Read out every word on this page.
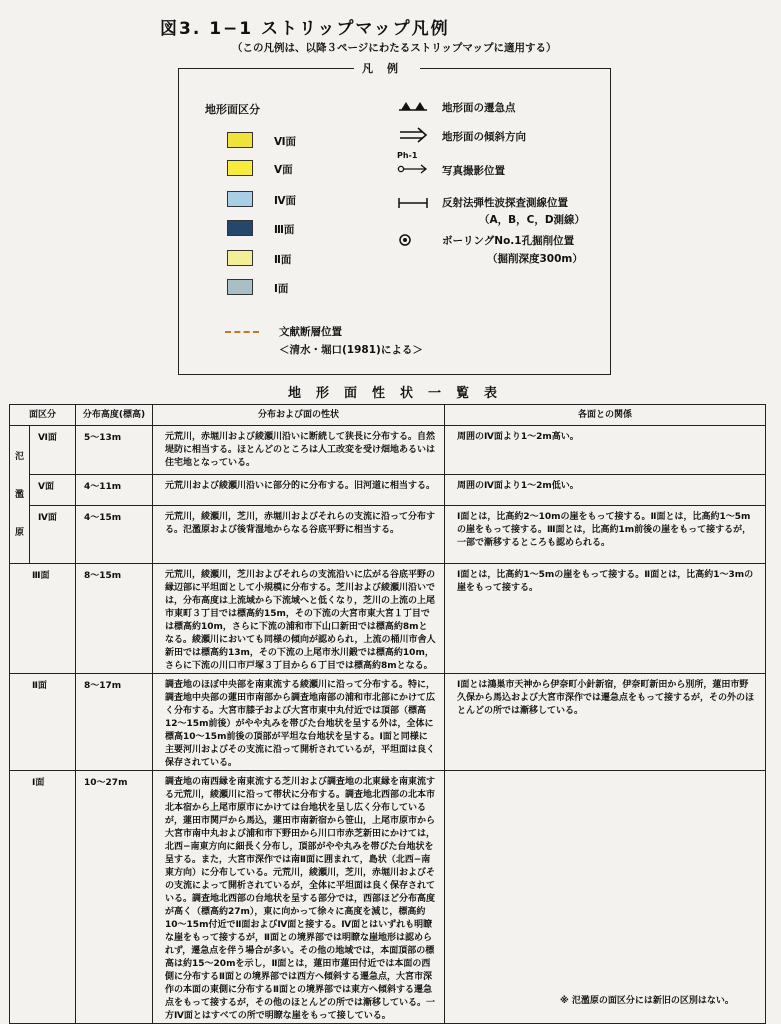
図3. 1−1 ストリップマップ凡例
（この凡例は、以降３ページにわたるストリップマップに適用する）
凡例
地形面区分
Ⅵ面
Ⅴ面
Ⅳ面
Ⅲ面
Ⅱ面
Ⅰ面
地形面の遷急点
地形面の傾斜方向
Ph-1
写真撮影位置
反射法弾性波探査測線位置
（A，B，C，D測線）
ボーリングNo.1孔掘削位置
（掘削深度300m）
文献断層位置
＜清水・堀口(1981)による＞
地形面性状一覧表
面区分		分布高度(標高)	分布および面の性状	各面との関係

氾
濫
原	Ⅵ面	5〜13m	元荒川，赤堀川および綾瀬川沿いに断続して狭長に分布する。自然堤防に相当する。ほとんどのところは人工改変を受け畑地あるいは住宅地となっている。	周囲のⅣ面より1〜2m高い。
	Ⅴ面	4〜11m	元荒川および綾瀬川沿いに部分的に分布する。旧河道に相当する。	周囲のⅣ面より1〜2m低い。
	Ⅳ面	4〜15m	元荒川，綾瀬川，芝川，赤堀川およびそれらの支流に沿って分布する。氾濫原および後背湿地からなる谷底平野に相当する。	Ⅰ面とは，比高約2〜10mの崖をもって接する。Ⅱ面とは，比高約1〜5mの崖をもって接する。Ⅲ面とは，比高約1m前後の崖をもって接するが，一部で漸移するところも認められる。
Ⅲ面		8〜15m	元荒川，綾瀬川，芝川およびそれらの支流沿いに広がる谷底平野の縁辺部に平坦面として小規模に分布する。芝川および綾瀬川沿いでは，分布高度は上流域から下流域へと低くなり，芝川の上流の上尾市東町３丁目では標高約15m，その下流の大宮市東大宮１丁目では標高約10m，さらに下流の浦和市下山口新田では標高約8mとなる。綾瀬川においても同様の傾向が認められ，上流の桶川市舎人新田では標高約13m，その下流の上尾市氷川鍛では標高約10m，さらに下流の川口市戸塚３丁目から６丁目では標高約8mとなる。	Ⅰ面とは，比高約1〜5mの崖をもって接する。Ⅱ面とは，比高約1〜3mの崖をもって接する。
Ⅱ面		8〜17m	調査地のほぼ中央部を南東流する綾瀬川に沿って分布する。特に，調査地中央部の蓮田市南部から調査地南部の浦和市北部にかけて広く分布する。大宮市膝子および大宮市東中丸付近では頂部（標高12〜15m前後）がやや丸みを帯びた台地状を呈する外は，全体に標高10〜15m前後の頂部が平坦な台地状を呈する。Ⅰ面と同様に主要河川およびその支流に沿って開析されているが，平坦面は良く保存されている。	Ⅰ面とは鴻巣市天神から伊奈町小針新宿，伊奈町新田から別所，蓮田市野久保から馬込および大宮市深作では遷急点をもって接するが，その外のほとんどの所では漸移している。
Ⅰ面		10〜27m	調査地の南西縁を南東流する芝川および調査地の北東縁を南東流する元荒川，綾瀬川に沿って帯状に分布する。調査地北西部の北本市北本宿から上尾市原市にかけては台地状を呈し広く分布しているが，蓮田市関戸から馬込，蓮田市南新宿から笹山，上尾市原市から大宮市南中丸および浦和市下野田から川口市赤芝新田にかけては，北西−南東方向に細長く分布し，頂部がやや丸みを帯びた台地状を呈する。また，大宮市深作では南Ⅱ面に囲まれて，島状（北西−南東方向）に分布している。元荒川，綾瀬川，芝川，赤堀川およびその支流によって開析されているが，全体に平坦面は良く保存されている。調査地北西部の台地状を呈する部分では，西部ほど分布高度が高く（標高約27m），東に向かって徐々に高度を減じ，標高約10〜15m付近でⅡ面およびⅣ面と接する。Ⅳ面とはいずれも明瞭な崖をもって接するが，Ⅱ面との境界部では明瞭な崖地形は認められず，遷急点を伴う場合が多い。その他の地域では，本面頂部の標高は約15〜20mを示し，Ⅱ面とは，蓮田市蓮田付近では本面の西側に分布するⅡ面との境界部では西方へ傾斜する遷急点，大宮市深作の本面の東側に分布するⅡ面との境界部では東方へ傾斜する遷急点をもって接するが，その他のほとんどの所では漸移している。一方Ⅳ面とはすべての所で明瞭な崖をもって接している。	
※ 氾濫原の面区分には新旧の区別はない。
